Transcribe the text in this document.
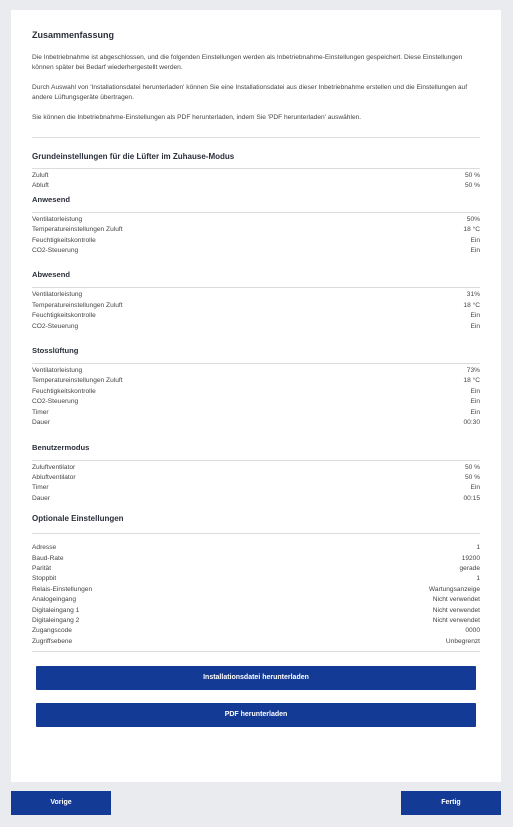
Zusammenfassung

Die Inbetriebnahme ist abgeschlossen, und die folgenden Einstellungen werden als Inbetriebnahme-Einstellungen gespeichert. Diese Einstellungen können später bei Bedarf wiederhergestellt werden.

Durch Auswahl von 'Installationsdatei herunterladen' können Sie eine Installationsdatei aus dieser Inbetriebnahme erstellen und die Einstellungen auf andere Lüftungsgeräte übertragen.

Sie können die Inbetriebnahme-Einstellungen als PDF herunterladen, indem Sie 'PDF herunterladen' auswählen.

Grundeinstellungen für die Lüfter im Zuhause-Modus
Zuluft	50 %
Abluft	50 %
Anwesend
Ventilatorleistung	50%
Temperatureinstellungen Zuluft	18 °C
Feuchtigkeitskontrolle	Ein
CO2-Steuerung	Ein
Abwesend
Ventilatorleistung	31%
Temperatureinstellungen Zuluft	18 °C
Feuchtigkeitskontrolle	Ein
CO2-Steuerung	Ein
Stosslüftung
Ventilatorleistung	73%
Temperatureinstellungen Zuluft	18 °C
Feuchtigkeitskontrolle	Ein
CO2-Steuerung	Ein
Timer	Ein
Dauer	00:30
Benutzermodus
Zuluftventilator	50 %
Abluftventilator	50 %
Timer	Ein
Dauer	00:15
Optionale Einstellungen
Adresse	1
Baud-Rate	19200
Parität	gerade
Stoppbit	1
Relais-Einstellungen	Wartungsanzeige
Analogeingang	Nicht verwendet
Digitaleingang 1	Nicht verwendet
Digitaleingang 2	Nicht verwendet
Zugangscode	0000
Zugriffsebene	Unbegrenzt
Installationsdatei herunterladen
PDF herunterladen
Vorige	Fertig
